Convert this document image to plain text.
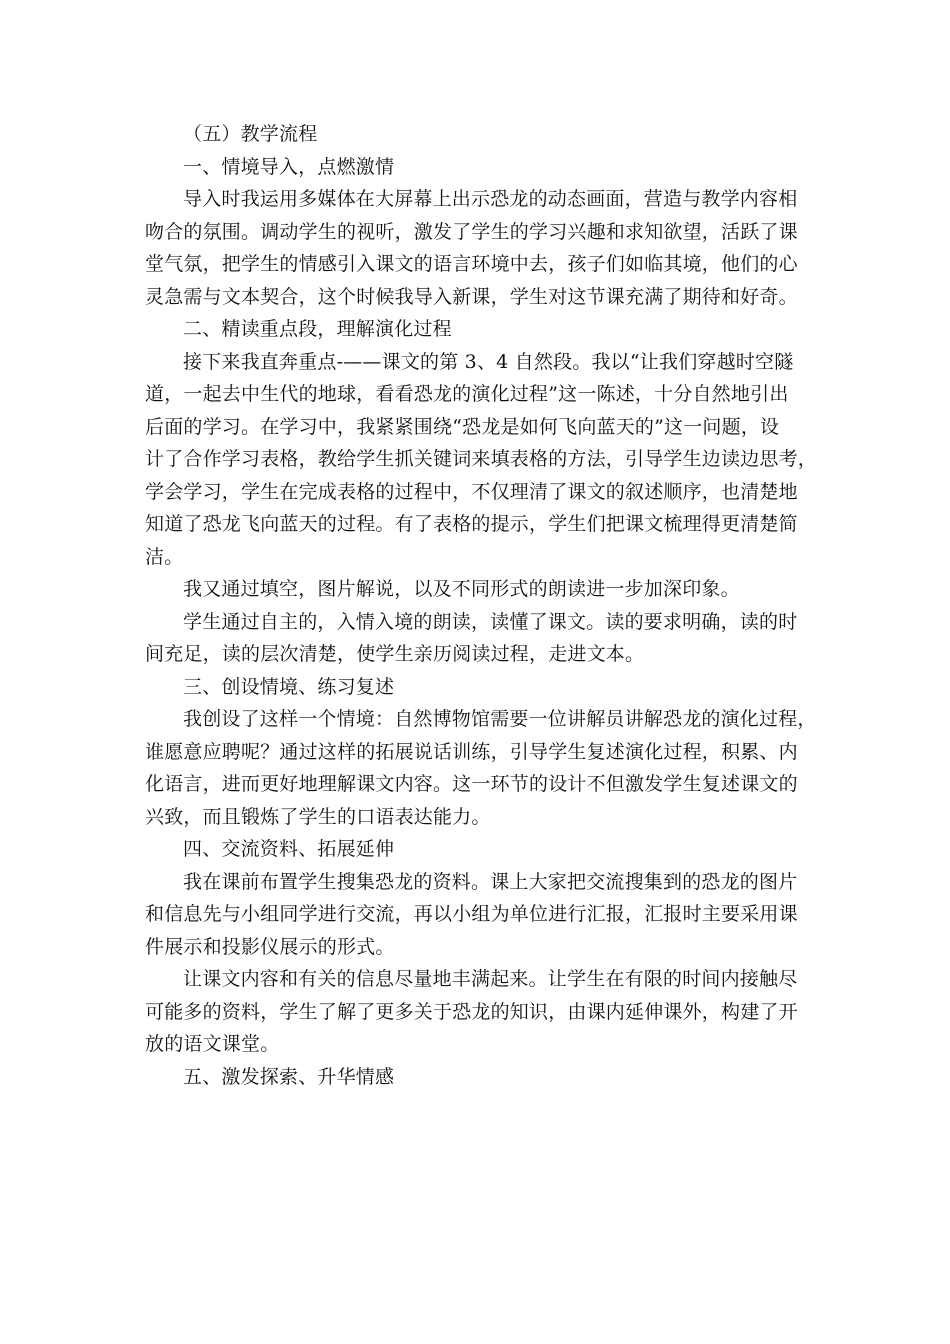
（五）教学流程
一、情境导入，点燃激情
导入时我运用多媒体在大屏幕上出示恐龙的动态画面，营造与教学内容相
吻合的氛围。调动学生的视听，激发了学生的学习兴趣和求知欲望，活跃了课
堂气氛，把学生的情感引入课文的语言环境中去，孩子们如临其境，他们的心
灵急需与文本契合，这个时候我导入新课，学生对这节课充满了期待和好奇。
二、精读重点段，理解演化过程
接下来我直奔重点-——课文的第 3、4 自然段。我以“让我们穿越时空隧
道，一起去中生代的地球，看看恐龙的演化过程”这一陈述，十分自然地引出
后面的学习。在学习中，我紧紧围绕“恐龙是如何飞向蓝天的”这一问题，设
计了合作学习表格，教给学生抓关键词来填表格的方法，引导学生边读边思考，
学会学习，学生在完成表格的过程中，不仅理清了课文的叙述顺序，也清楚地
知道了恐龙飞向蓝天的过程。有了表格的提示，学生们把课文梳理得更清楚简
洁。
我又通过填空，图片解说，以及不同形式的朗读进一步加深印象。
学生通过自主的，入情入境的朗读，读懂了课文。读的要求明确，读的时
间充足，读的层次清楚，使学生亲历阅读过程，走进文本。
三、创设情境、练习复述
我创设了这样一个情境：自然博物馆需要一位讲解员讲解恐龙的演化过程，
谁愿意应聘呢？通过这样的拓展说话训练，引导学生复述演化过程，积累、内
化语言，进而更好地理解课文内容。这一环节的设计不但激发学生复述课文的
兴致，而且锻炼了学生的口语表达能力。
四、交流资料、拓展延伸
我在课前布置学生搜集恐龙的资料。课上大家把交流搜集到的恐龙的图片
和信息先与小组同学进行交流，再以小组为单位进行汇报，汇报时主要采用课
件展示和投影仪展示的形式。
让课文内容和有关的信息尽量地丰满起来。让学生在有限的时间内接触尽
可能多的资料，学生了解了更多关于恐龙的知识，由课内延伸课外，构建了开
放的语文课堂。
五、激发探索、升华情感
